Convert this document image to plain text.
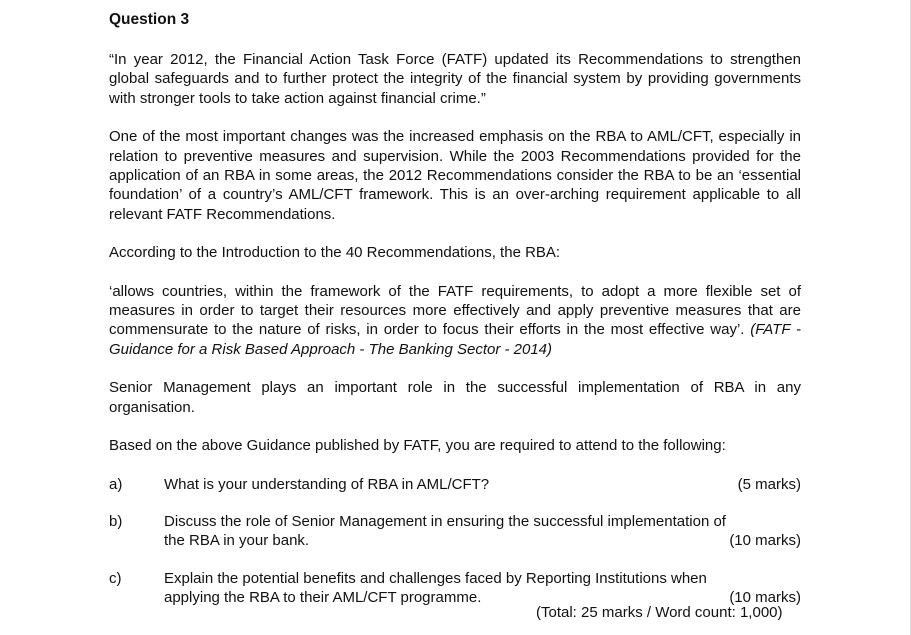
Question 3

“In year 2012, the Financial Action Task Force (FATF) updated its Recommendations to strengthen global safeguards and to further protect the integrity of the financial system by providing governments with stronger tools to take action against financial crime.”

One of the most important changes was the increased emphasis on the RBA to AML/CFT, especially in relation to preventive measures and supervision. While the 2003 Recommendations provided for the application of an RBA in some areas, the 2012 Recommendations consider the RBA to be an ‘essential foundation’ of a country’s AML/CFT framework. This is an over-arching requirement applicable to all relevant FATF Recommendations.

According to the Introduction to the 40 Recommendations, the RBA:

‘allows countries, within the framework of the FATF requirements, to adopt a more flexible set of measures in order to target their resources more effectively and apply preventive measures that are commensurate to the nature of risks, in order to focus their efforts in the most effective way’. (FATF - Guidance for a Risk Based Approach - The Banking Sector - 2014)

Senior Management plays an important role in the successful implementation of RBA in any organisation.

Based on the above Guidance published by FATF, you are required to attend to the following:

a)	What is your understanding of RBA in AML/CFT?	(5 marks)
b)	Discuss the role of Senior Management in ensuring the successful implementation of
the RBA in your bank.	(10 marks)
c)	Explain the potential benefits and challenges faced by Reporting Institutions when
applying the RBA to their AML/CFT programme.	(10 marks)
(Total: 25 marks / Word count: 1,000)
